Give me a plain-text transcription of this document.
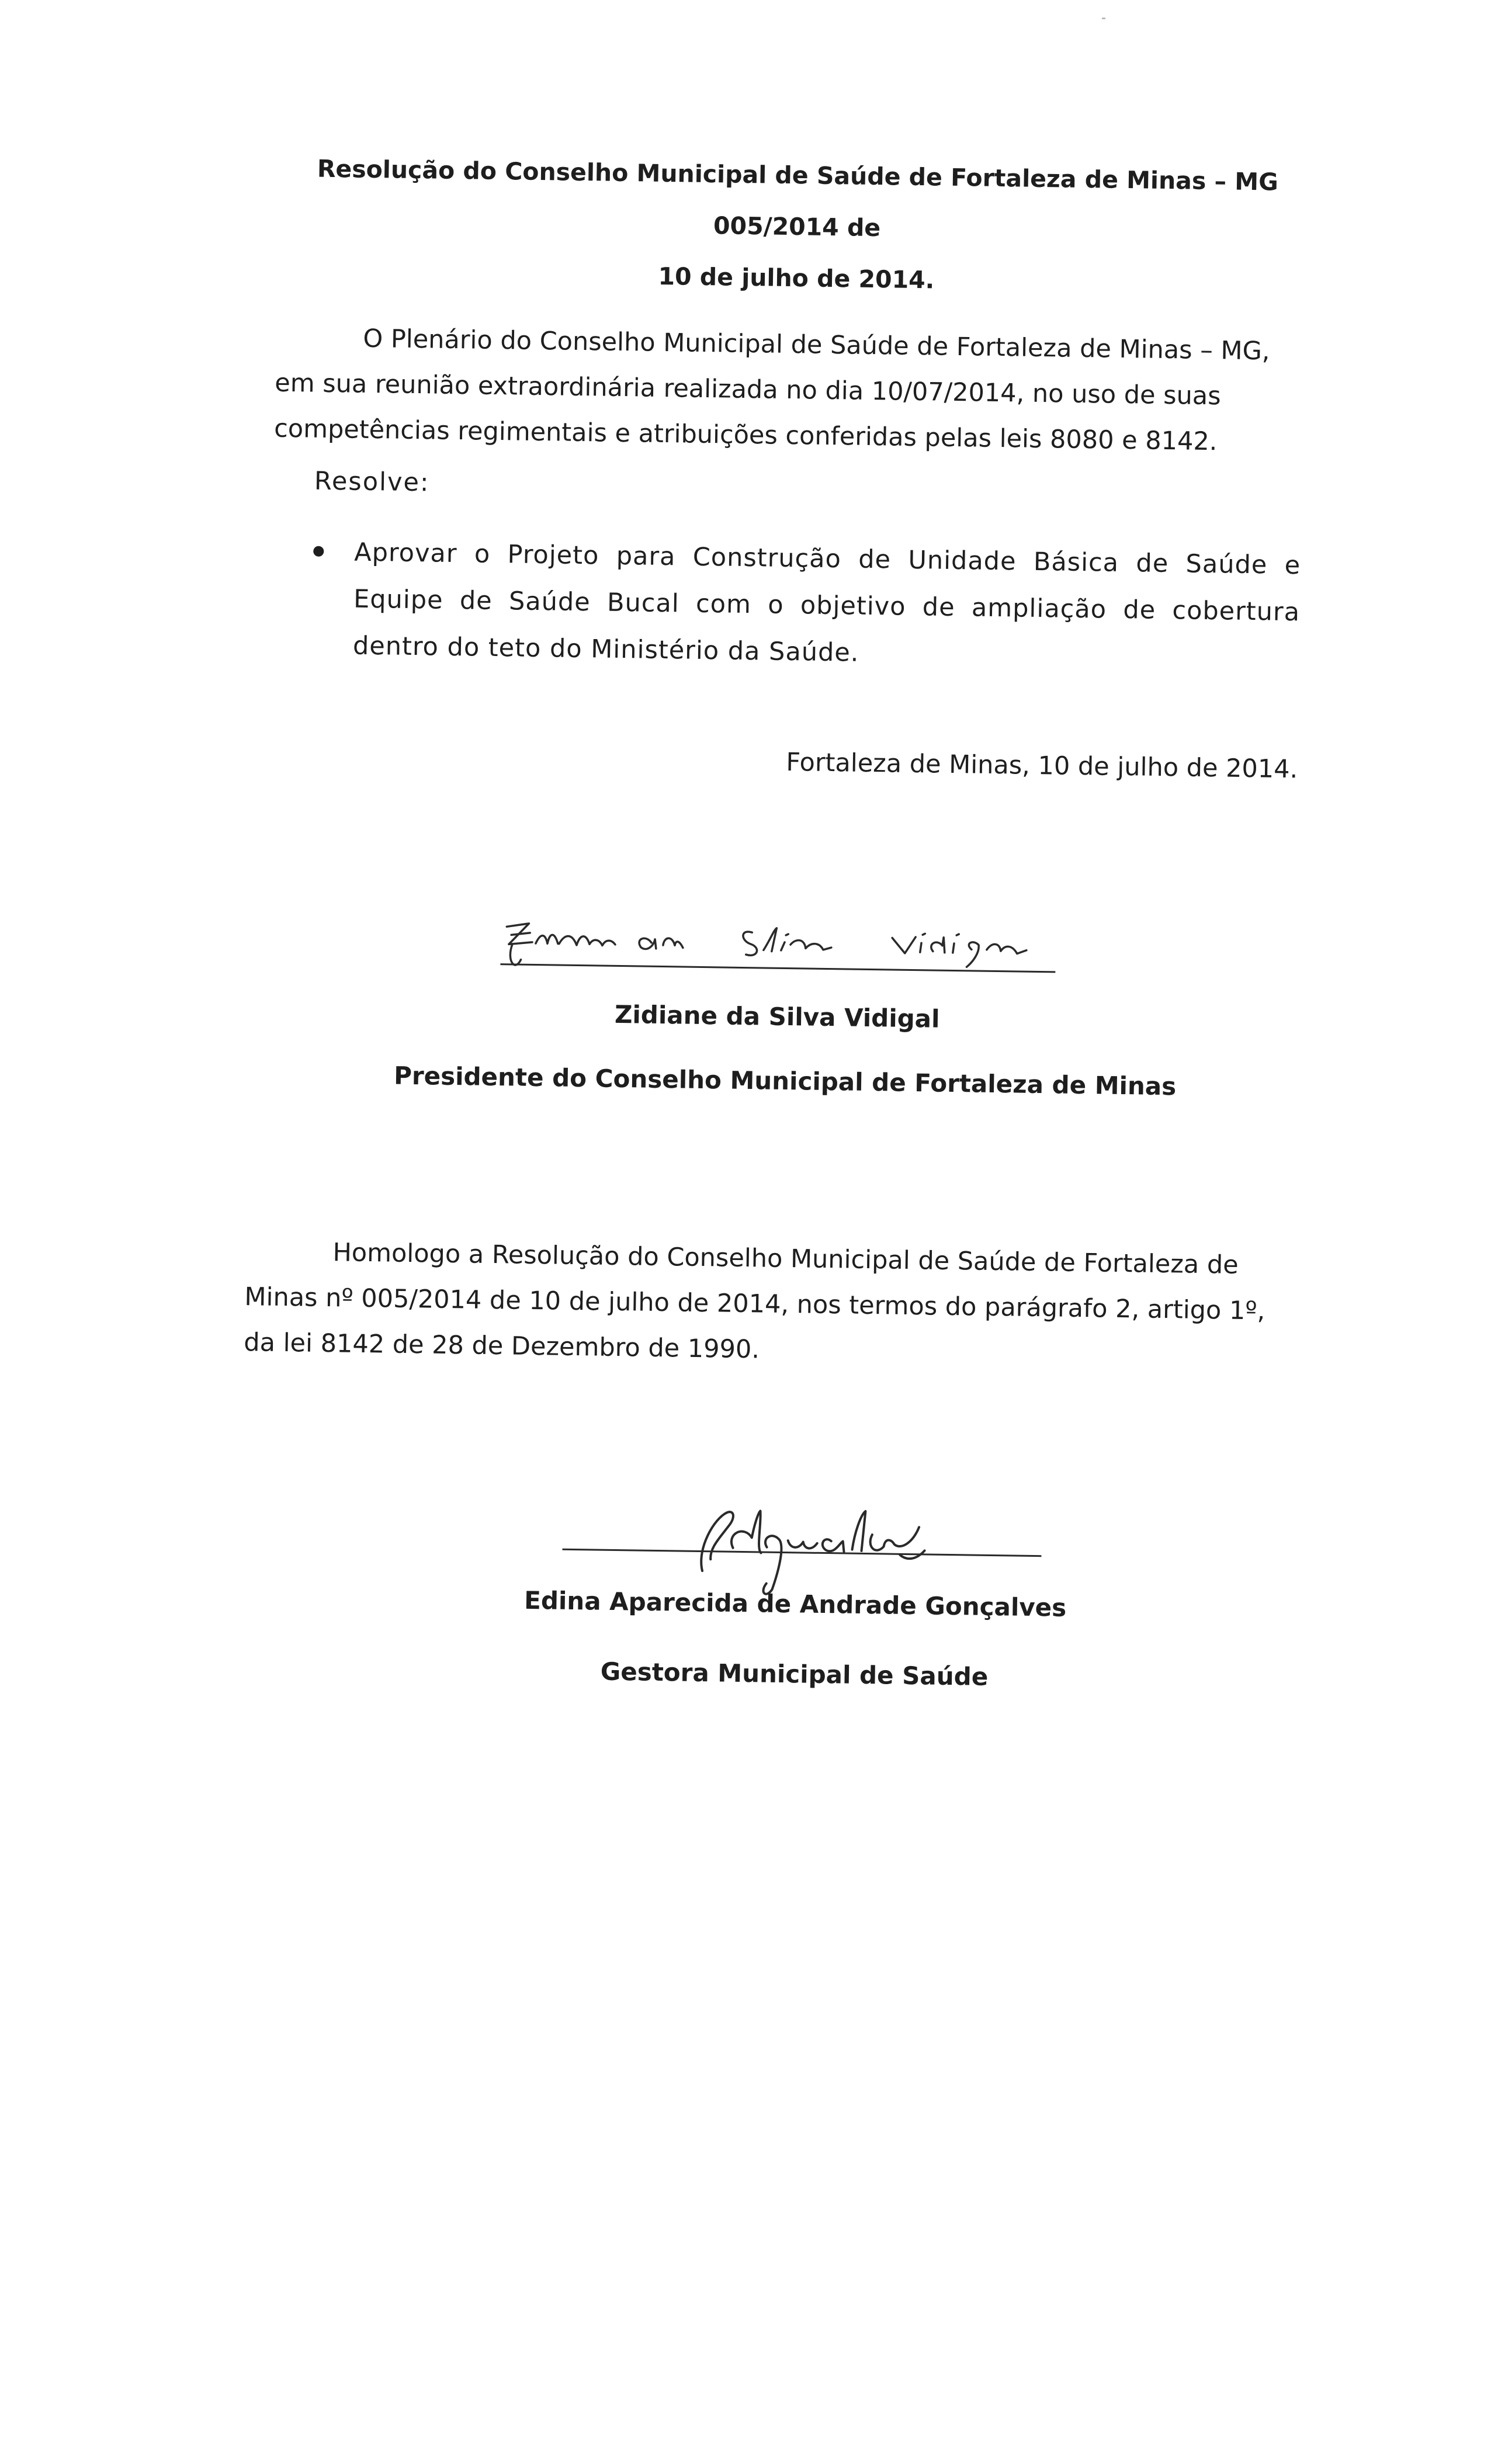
Resolução do Conselho Municipal de Saúde de Fortaleza de Minas – MG 005/2014 de
10 de julho de 2014.
O Plenário do Conselho Municipal de Saúde de Fortaleza de Minas – MG, em sua reunião extraordinária realizada no dia 10/07/2014, no uso de suas competências regimentais e atribuições conferidas pelas leis 8080 e 8142.
Resolve:
Aprovar o Projeto para Construção de Unidade Básica de Saúde e Equipe de Saúde Bucal com o objetivo de ampliação de cobertura dentro do teto do Ministério da Saúde.
Fortaleza de Minas, 10 de julho de 2014.
Zidiane da Silva Vidigal
Presidente do Conselho Municipal de Fortaleza de Minas
Homologo a Resolução do Conselho Municipal de Saúde de Fortaleza de Minas nº 005/2014 de 10 de julho de 2014, nos termos do parágrafo 2, artigo 1º, da lei 8142 de 28 de Dezembro de 1990.
Edina Aparecida de Andrade Gonçalves
Gestora Municipal de Saúde
